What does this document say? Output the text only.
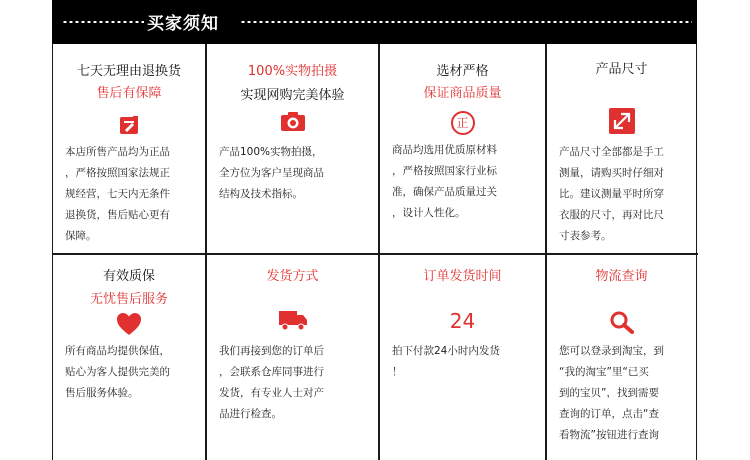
买家须知
七天无理由退换货
售后有保障
本店所售产品均为正品
，严格按照国家法规正
规经营，七天内无条件
退换货，售后贴心更有
保障。
100%实物拍摄
实现网购完美体验
产品100%实物拍摄，
全方位为客户呈现商品
结构及技术指标。
选材严格
保证商品质量
正
商品均选用优质原材料
，严格按照国家行业标
准，确保产品质量过关
，设计人性化。
产品尺寸
产品尺寸全部都是手工
测量，请购买时仔细对
比。建议测量平时所穿
衣服的尺寸，再对比尺
寸表参考。
有效质保
无忧售后服务
所有商品均提供保值，
贴心为客人提供完美的
售后服务体验。
发货方式
我们再接到您的订单后
，会联系仓库同事进行
发货，有专业人士对产
品进行检查。
订单发货时间
24
拍下付款24小时内发货
！
物流查询
您可以登录到淘宝，到
“我的淘宝”里“已买
到的宝贝”，找到需要
查询的订单，点击“查
看物流”按钮进行查询
